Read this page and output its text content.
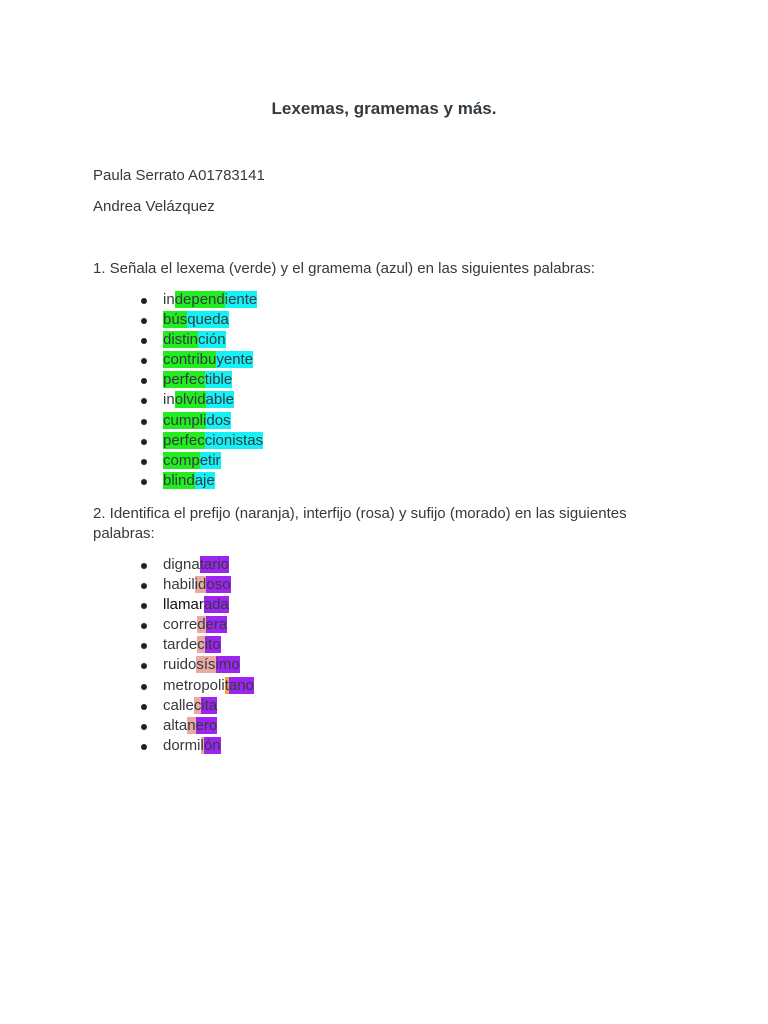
Lexemas, gramemas y más.
Paula Serrato A01783141
Andrea Velázquez
1. Señala el lexema (verde) y el gramema (azul) en las siguientes palabras:
independiente
búsqueda
distinción
contribuyente
perfectible
inolvidable
cumplidos
perfeccionistas
competir
blindaje
2. Identifica el prefijo (naranja), interfijo (rosa) y sufijo (morado) en las siguientes palabras:
dignatario
habilidoso
llamarada
corredera
tardecito
ruidosísimo
metropolitano
callecita
altanero
dormilón
